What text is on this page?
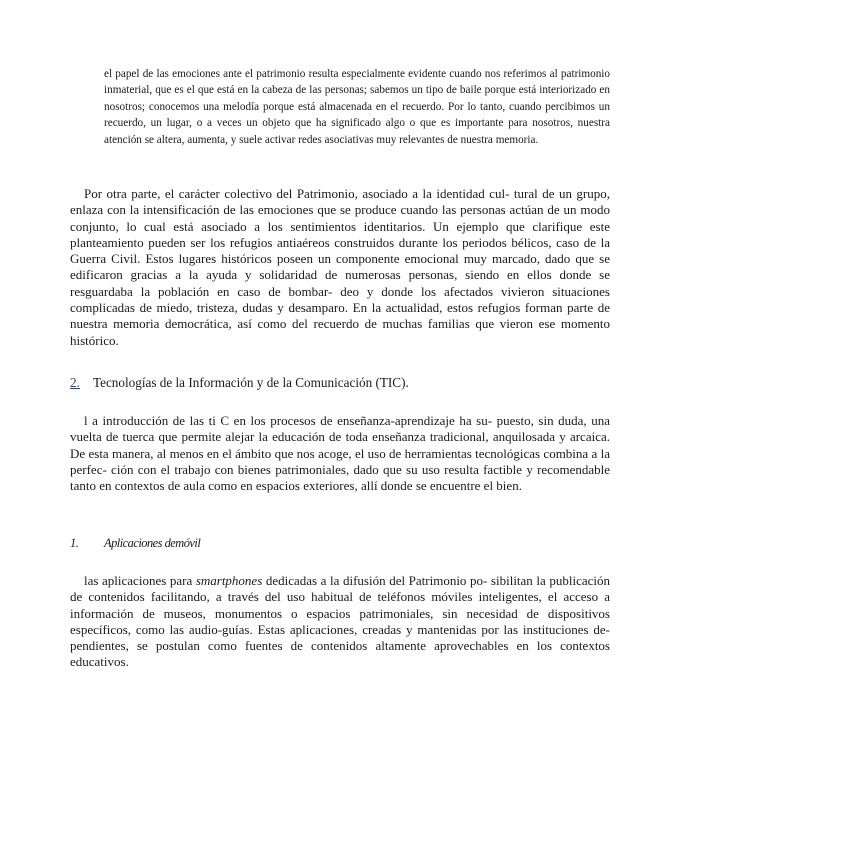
el papel de las emociones ante el patrimonio resulta especialmente evidente cuando nos referimos al patrimonio inmaterial, que es el que está en la cabeza de las personas; sabemos un tipo de baile porque está interiorizado en nosotros; conocemos una melodía porque está almacenada en el recuerdo. Por lo tanto, cuando percibimos un recuerdo, un lugar, o a veces un objeto que ha significado algo o que es importante para nosotros, nuestra atención se altera, aumenta, y suele activar redes asociativas muy relevantes de nuestra memoria.

Por otra parte, el carácter colectivo del Patrimonio, asociado a la identidad cul- tural de un grupo, enlaza con la intensificación de las emociones que se produce cuando las personas actúan de un modo conjunto, lo cual está asociado a los sentimientos identitarios. Un ejemplo que clarifique este planteamiento pueden ser los refugios antiaéreos construidos durante los periodos bélicos, caso de la Guerra Civil. Estos lugares históricos poseen un componente emocional muy marcado, dado que se edificaron gracias a la ayuda y solidaridad de numerosas personas, siendo en ellos donde se resguardaba la población en caso de bombar- deo y donde los afectados vivieron situaciones complicadas de miedo, tristeza, dudas y desamparo. En la actualidad, estos refugios forman parte de nuestra memoria democrática, así como del recuerdo de muchas familias que vieron ese momento histórico.

2. Tecnologías de la Información y de la Comunicación (TIC).

l a introducción de las ti C en los procesos de enseñanza-aprendizaje ha su- puesto, sin duda, una vuelta de tuerca que permite alejar la educación de toda enseñanza tradicional, anquilosada y arcaica. De esta manera, al menos en el ámbito que nos acoge, el uso de herramientas tecnológicas combina a la perfec- ción con el trabajo con bienes patrimoniales, dado que su uso resulta factible y recomendable tanto en contextos de aula como en espacios exteriores, allí donde se encuentre el bien.

1. Aplicaciones demóvil

las aplicaciones para smartphones dedicadas a la difusión del Patrimonio po- sibilitan la publicación de contenidos facilitando, a través del uso habitual de teléfonos móviles inteligentes, el acceso a información de museos, monumentos o espacios patrimoniales, sin necesidad de dispositivos específicos, como las audio-guías. Estas aplicaciones, creadas y mantenidas por las instituciones de- pendientes, se postulan como fuentes de contenidos altamente aprovechables en los contextos educativos.
